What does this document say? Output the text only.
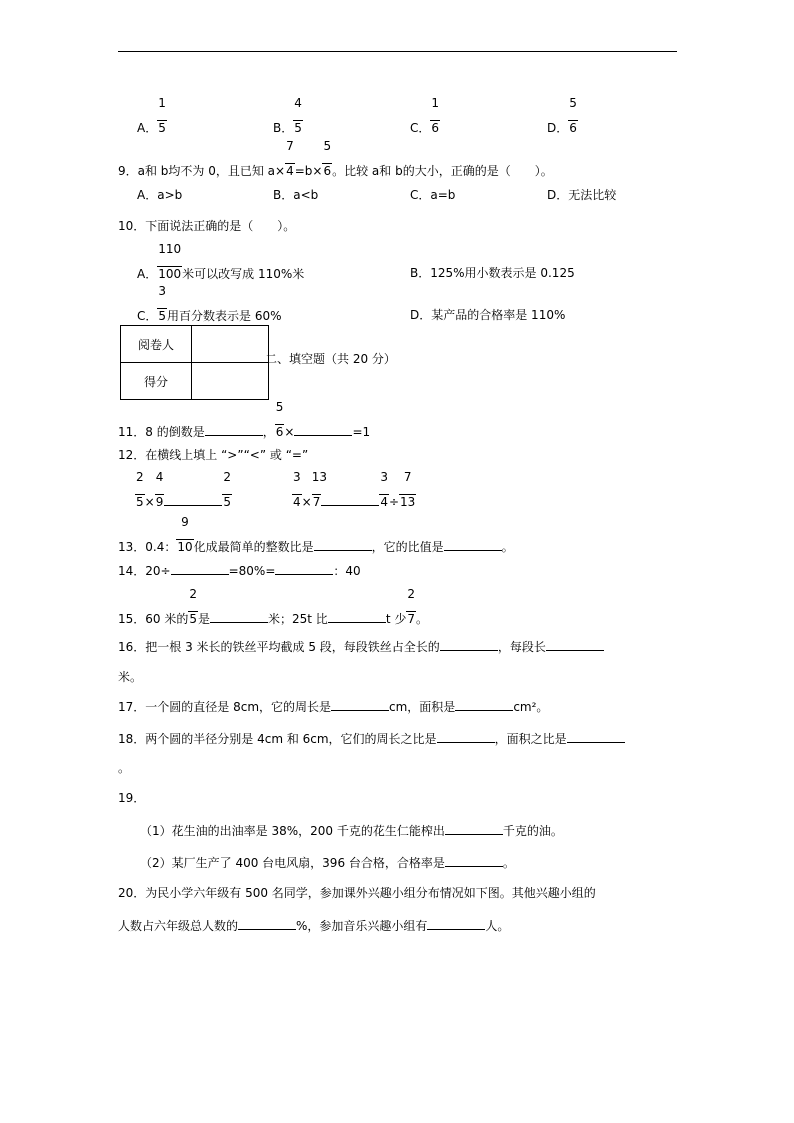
A． $\frac{1}{5}$	B． $\frac{4}{5}$	C． $\frac{1}{6}$	D． $\frac{5}{6}$
9．a和 b均不为 0，且已知 $a\times \frac{7}{4}=b\times \frac{5}{6}$。比较 a和 b的大小，正确的是（　　）。
A．a>b	B．a<b	C．a=b	D．无法比较
10．下面说法正确的是（　　）。
A． $\frac{110}{100}$米可以改写成 110%米	B．125%用小数表示是 0.125
C． $\frac{3}{5}$用百分数表示是 60%	D．某产品的合格率是 110%
阅卷人	
得分	
二、填空题（共 20 分）
11．8 的倒数是	， $\frac{5}{6}\times$	=1
12．在横线上填上 “>”“<” 或 “=”
$\frac{2}{5}\times \frac{4}{9}$	$\frac{2}{5}$	$\frac{3}{4}\times \frac{13}{7}$	$\frac{3}{4}\div \frac{7}{13}$
13．0.4： $\frac{9}{10}$化成最简单的整数比是	，它的比值是	。
14．20÷	=80%=	：40
15．60 米的 $\frac{2}{5}$是	米；25t 比	t 少 $\frac{2}{7}$。
16．把一根 3 米长的铁丝平均截成 5 段，每段铁丝占全长的	，每段长
米。
17．一个圆的直径是 8cm，它的周长是	cm，面积是	cm²。
18．两个圆的半径分别是 4cm 和 6cm，它们的周长之比是	，面积之比是
。
19．
（1）花生油的出油率是 38%，200 千克的花生仁能榨出	千克的油。
（2）某厂生产了 400 台电风扇，396 台合格，合格率是	。
20．为民小学六年级有 500 名同学，参加课外兴趣小组分布情况如下图。其他兴趣小组的
人数占六年级总人数的	%，参加音乐兴趣小组有	人。
